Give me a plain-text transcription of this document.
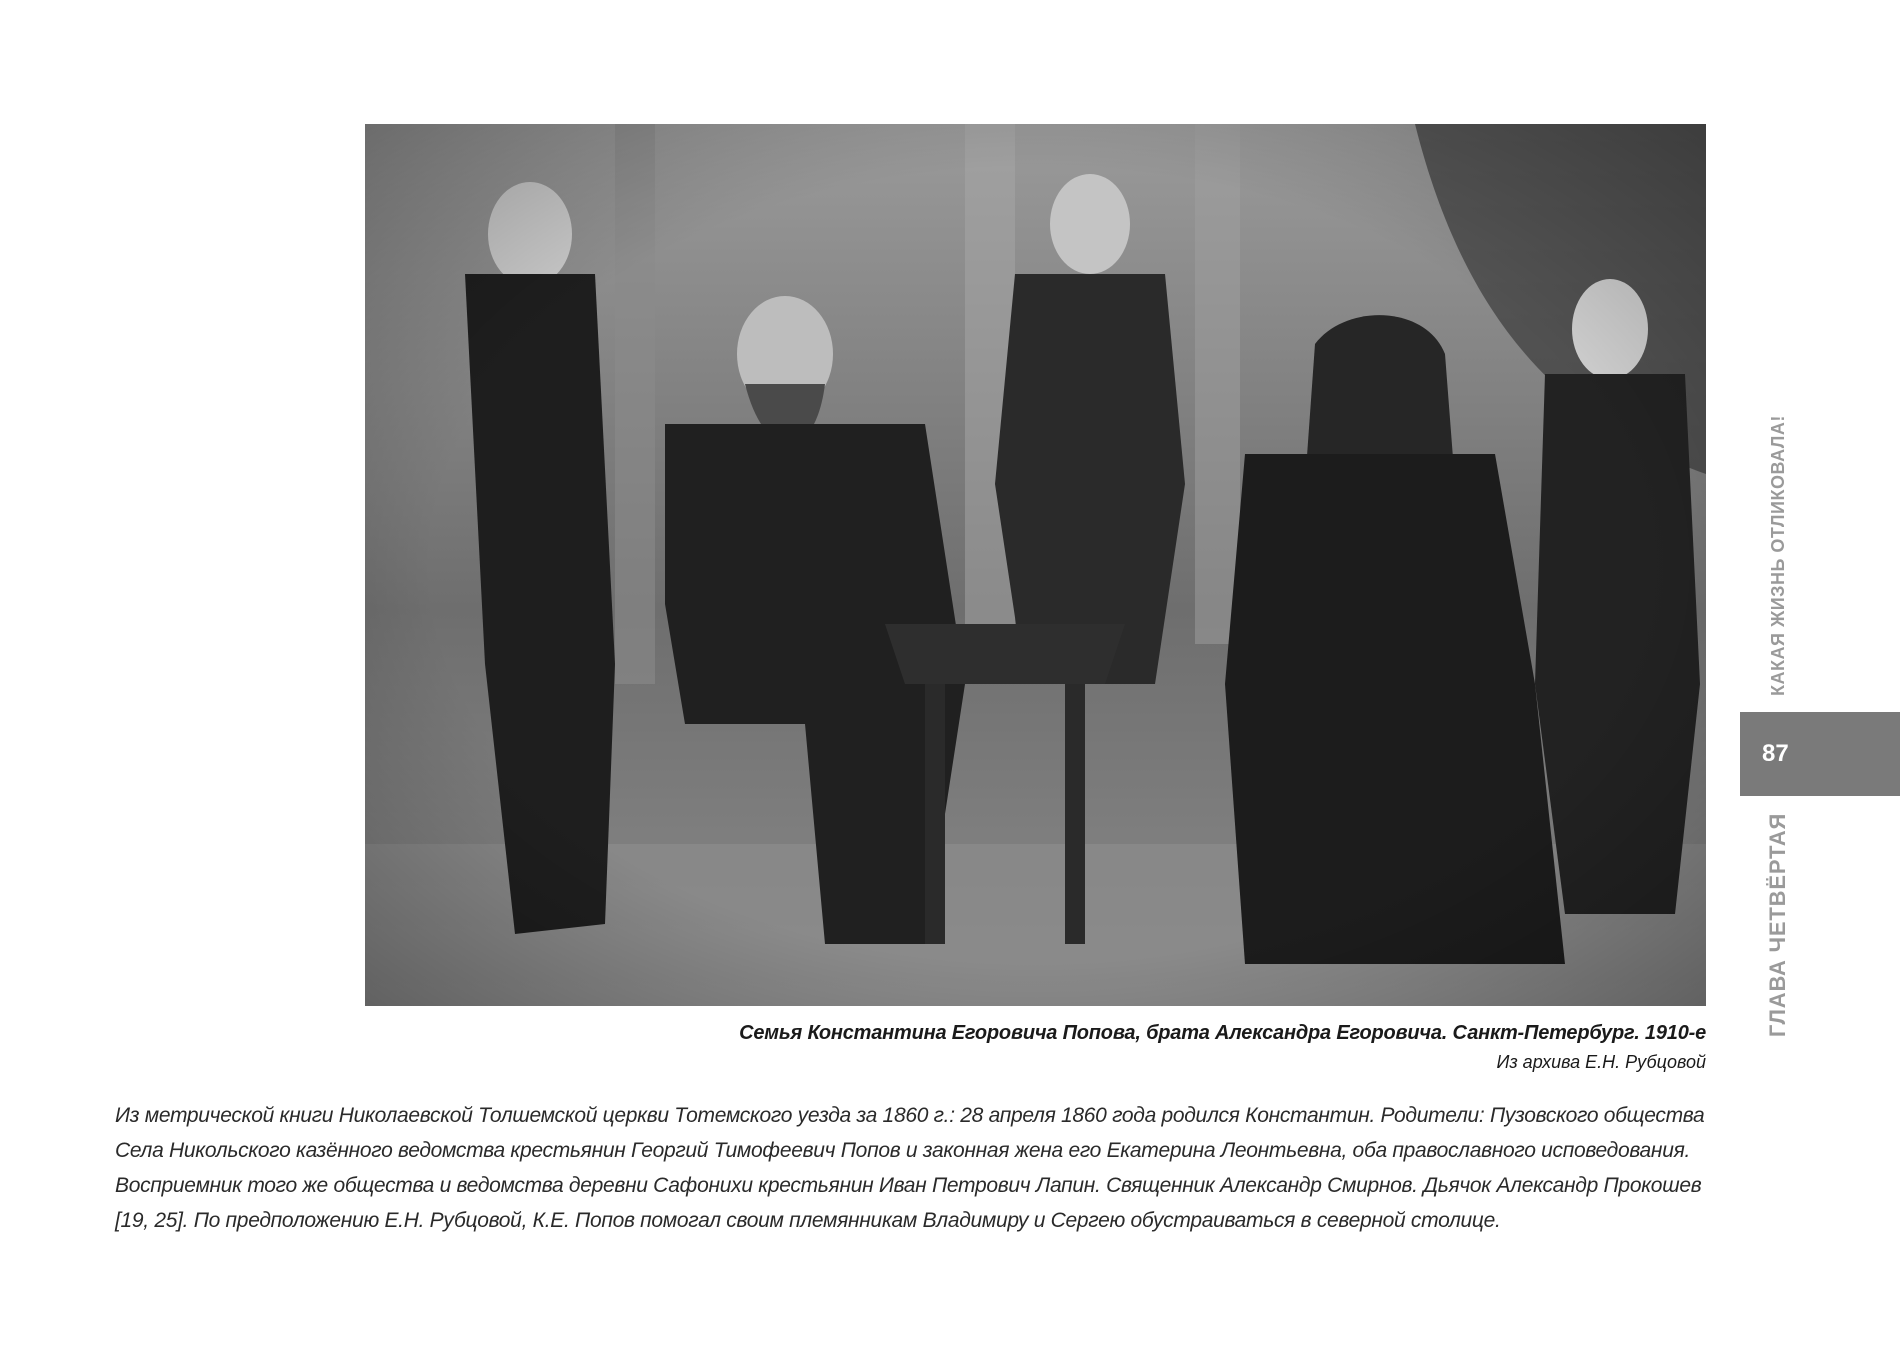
Семья Константина Егоровича Попова, брата Александра Егоровича. Санкт-Петербург. 1910-е
Из архива Е.Н. Рубцовой

Из метрической книги Николаевской Толшемской церкви Тотемского уезда за 1860 г.: 28 апреля 1860 года родился Константин. Родители: Пузовского общества Села Никольского казённого ведомства крестьянин Георгий Тимофеевич Попов и законная жена его Екатерина Леонтьевна, оба православного исповедования. Восприемник того же общества и ведомства деревни Сафонихи крестьянин Иван Петрович Лапин. Священник Александр Смирнов. Дьячок Александр Прокошев [19, 25]. По предположению Е.Н. Рубцовой, К.Е. Попов помогал своим племянникам Владимиру и Сергею обустраиваться в северной столице.

КАКАЯ ЖИЗНЬ ОТЛИКОВАЛА!
87
ГЛАВА ЧЕТВЁРТАЯ
